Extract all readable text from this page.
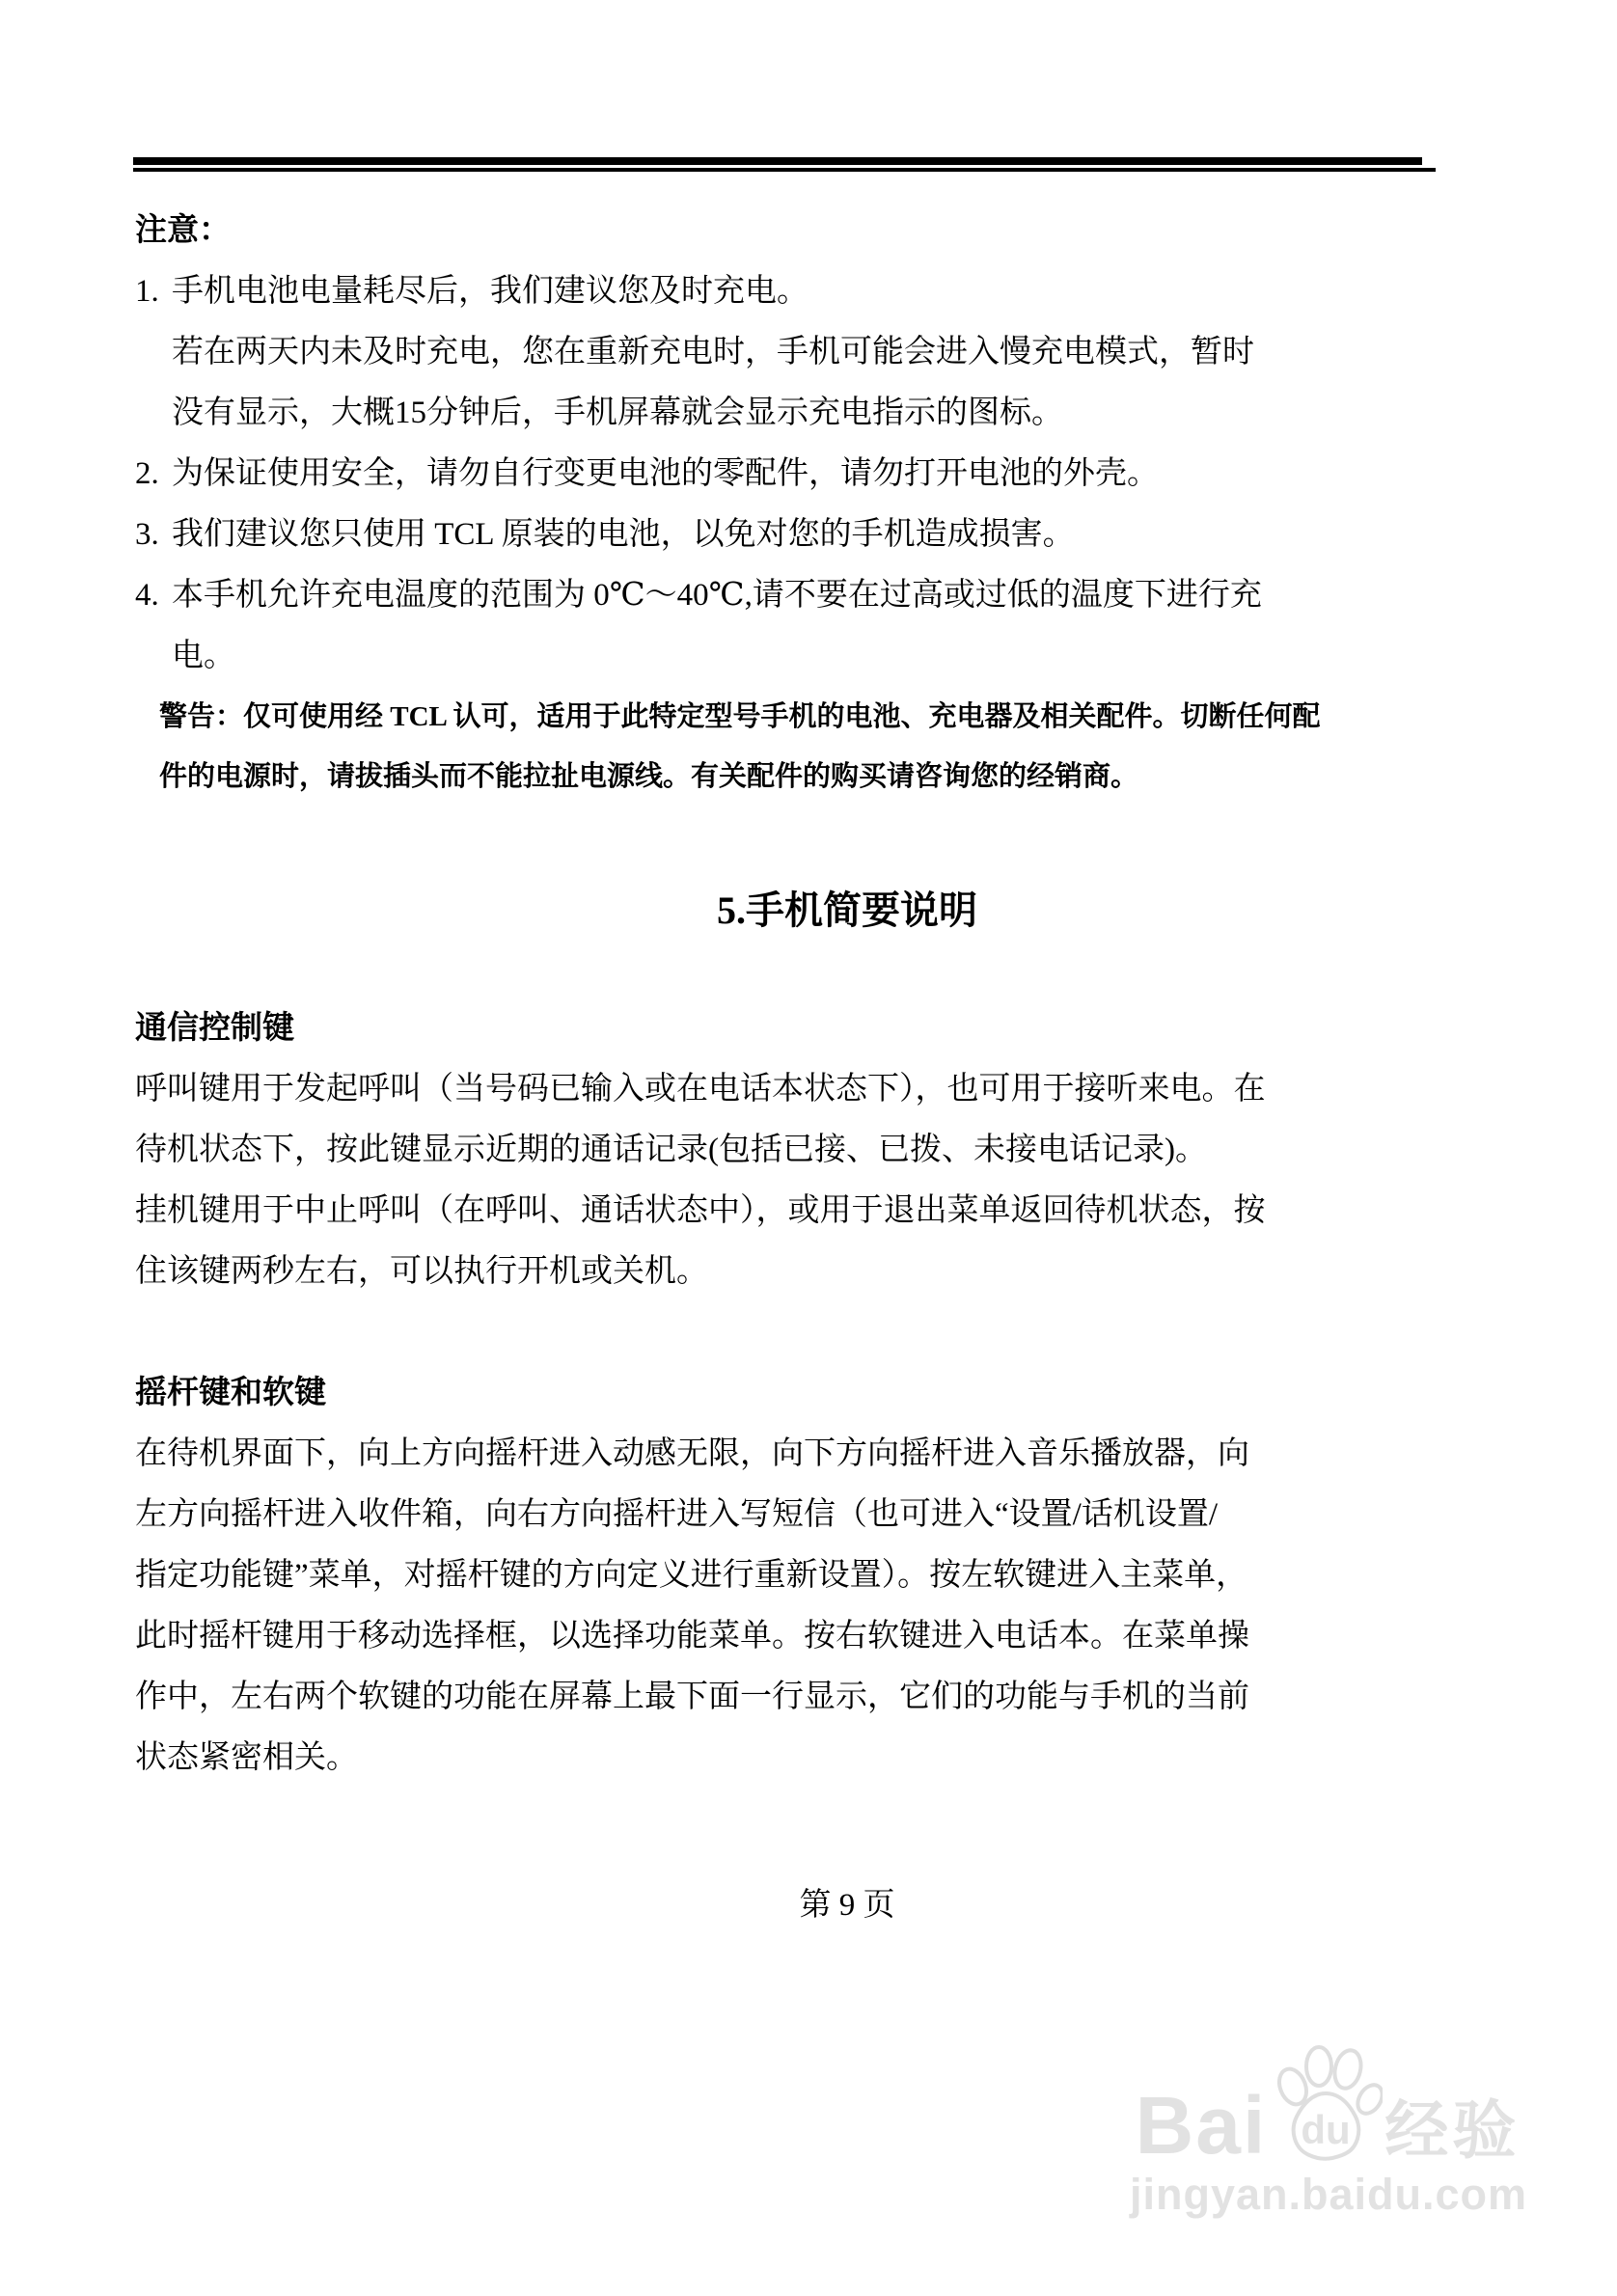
注意：
1. 手机电池电量耗尽后，我们建议您及时充电。
若在两天内未及时充电，您在重新充电时，手机可能会进入慢充电模式，暂时
没有显示，大概15分钟后，手机屏幕就会显示充电指示的图标。
2. 为保证使用安全，请勿自行变更电池的零配件，请勿打开电池的外壳。
3. 我们建议您只使用 TCL 原装的电池，以免对您的手机造成损害。
4. 本手机允许充电温度的范围为 0℃～40℃,请不要在过高或过低的温度下进行充
电。
警告：仅可使用经 TCL 认可，适用于此特定型号手机的电池、充电器及相关配件。切断任何配
件的电源时，请拔插头而不能拉扯电源线。有关配件的购买请咨询您的经销商。
5.手机简要说明
通信控制键
呼叫键用于发起呼叫（当号码已输入或在电话本状态下），也可用于接听来电。在
待机状态下，按此键显示近期的通话记录(包括已接、已拨、未接电话记录)。
挂机键用于中止呼叫（在呼叫、通话状态中），或用于退出菜单返回待机状态，按
住该键两秒左右，可以执行开机或关机。
摇杆键和软键
在待机界面下，向上方向摇杆进入动感无限，向下方向摇杆进入音乐播放器，向
左方向摇杆进入收件箱，向右方向摇杆进入写短信（也可进入“设置/话机设置/
指定功能键”菜单，对摇杆键的方向定义进行重新设置）。按左软键进入主菜单，
此时摇杆键用于移动选择框，以选择功能菜单。按右软键进入电话本。在菜单操
作中，左右两个软键的功能在屏幕上最下面一行显示，它们的功能与手机的当前
状态紧密相关。
第 9 页
Bai du 经验
jingyan.baidu.com
